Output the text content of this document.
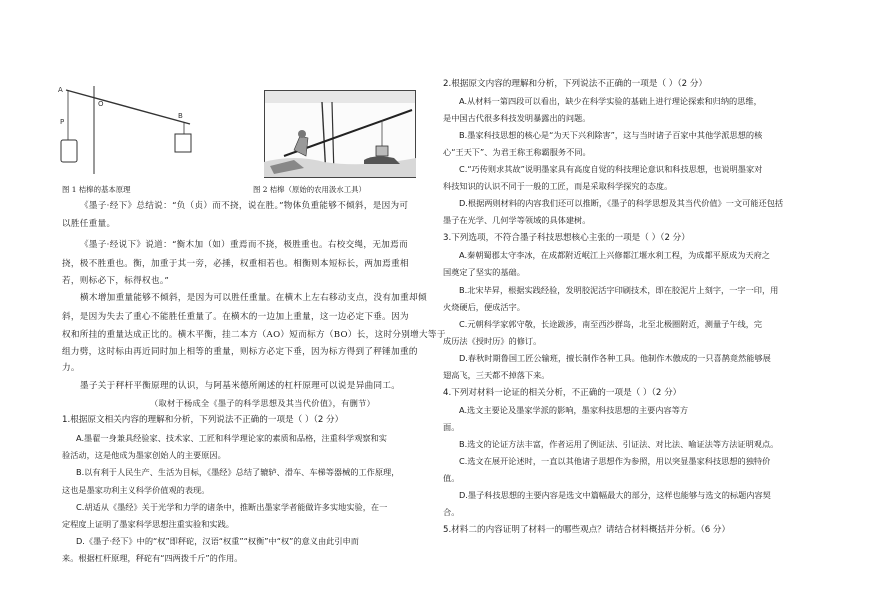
A
B
P
O
图 1 桔槔的基本原理	图 2 桔槔（原始的农用汲水工具）
《墨子·经下》总结说：“负（贞）而不挠，说在胜。”物体负重能够不倾斜，是因为可
以胜任重量。
《墨子·经说下》说道：“衡木加（如）重焉而不挠，极胜重也。右校交绳，无加焉而
挠，极不胜重也。衡，加重于其一旁，必捶，权重相若也。相衡则本短标长，两加焉重相
若，则标必下，标得权也。”
横木增加重量能够不倾斜，是因为可以胜任重量。在横木上左右移动支点，没有加重却倾
斜，是因为失去了重心不能胜任重量了。在横木的一边加上重量，这一边必定下垂。因为
权和所挂的重量达成正比的。横木平衡，挂二本方（AO）短而标方（BO）长，这时分别增大等于
组力劈，这时标由再近同时加上相等的重量，则标方必定下垂，因为标方得到了秤锤加重的
力。
墨子关于秤杆平衡原理的认识，与阿基米德所阐述的杠杆原理可以说是异曲同工。
（取材于杨成全《墨子的科学思想及其当代价值》，有删节）
1.根据原文相关内容的理解和分析，下列说法不正确的一项是（ ）（2 分）
A.墨翟一身兼具经验家、技术家、工匠和科学理论家的素质和品格，注重科学观察和实
验活动，这是他成为墨家创始人的主要原因。
B.以有利于人民生产、生活为目标，《墨经》总结了辘轳、滑车、车梯等器械的工作原理，
这也是墨家功利主义科学价值观的表现。
C.胡适从《墨经》关于光学和力学的诸条中，推断出墨家学者能做许多实地实验，在一
定程度上证明了墨家科学思想注重实验和实践。
D.《墨子·经下》中的“权”即秤砣，汉语“权重”“权衡”中“权”的意义由此引申而
来。根据杠杆原理，秤砣有“四两拨千斤”的作用。
2.根据原文内容的理解和分析，下列说法不正确的一项是（ ）（2 分）
A.从材料一第四段可以看出，缺少在科学实验的基础上进行理论探索和归纳的思维，
是中国古代很多科技发明暴露出的问题。
B.墨家科技思想的核心是“为天下兴利除害”，这与当时诸子百家中其他学派思想的核
心“王天下”、为君王称王称霸服务不同。
C.“巧传则求其故”说明墨家具有高度自觉的科技理论意识和科技思想，也说明墨家对
科技知识的认识不同于一般的工匠，而是采取科学探究的态度。
D.根据两则材料的内容我们还可以推断，《墨子的科学思想及其当代价值》一文可能还包括
墨子在光学、几何学等领域的具体建树。
3.下列选项，不符合墨子科技思想核心主张的一项是（ ）（2 分）
A.秦朝蜀郡太守李冰，在成都附近岷江上兴修都江堰水利工程，为成都平原成为天府之
国奠定了坚实的基础。
B.北宋毕昇，根据实践经验，发明胶泥活字印刷技术，即在胶泥片上刻字，一字一印，用
火烧硬后，便成活字。
C.元朝科学家郭守敬，长途跋涉，南至西沙群岛，北至北极圈附近，测量子午线，完
成历法《授时历》的修订。
D.春秋时期鲁国工匠公输班，擅长制作各种工具。他制作木傲成的一只喜鹊竟然能够展
翅高飞，三天都不掉落下来。
4.下列对材料一论证的相关分析，不正确的一项是（ ）（2 分）
A.选文主要论及墨家学派的影响，墨家科技思想的主要内容等方
面。
B.选文的论证方法丰富，作者运用了例证法、引证法、对比法、喻证法等方法证明观点。
C.选文在展开论述时，一直以其他诸子思想作为参照，用以突显墨家科技思想的独特价
值。
D.墨子科技思想的主要内容是选文中篇幅最大的部分，这样也能够与选文的标题内容契
合。
5.材料二的内容证明了材料一的哪些观点？请结合材料概括并分析。（6 分）
